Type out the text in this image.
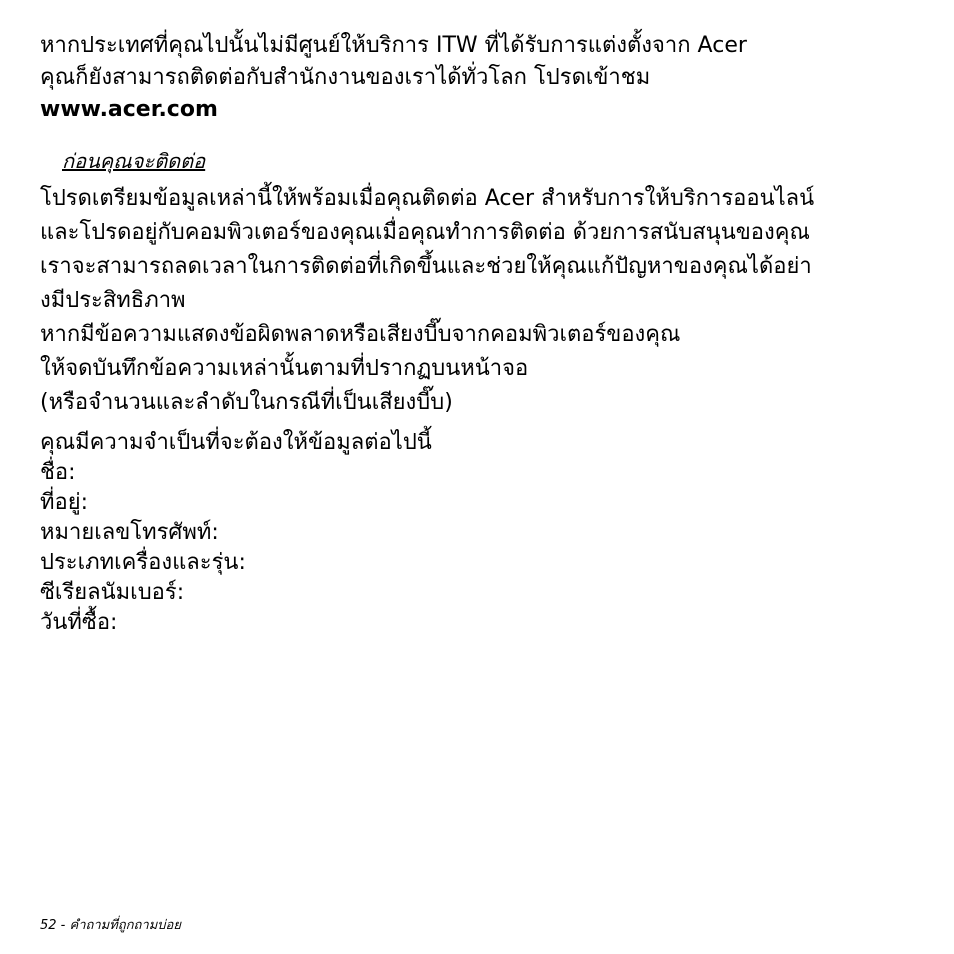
หากประเทศที่คุณไปนั้นไม่มีศูนย์ให้บริการ ITW ที่ได้รับการแต่งตั้งจาก Acer
คุณก็ยังสามารถติดต่อกับสำนักงานของเราได้ทั่วโลก โปรดเข้าชม
www.acer.com
ก่อนคุณจะติดต่อ
โปรดเตรียมข้อมูลเหล่านี้ให้พร้อมเมื่อคุณติดต่อ Acer สำหรับการให้บริการออนไลน์
และโปรดอยู่กับคอมพิวเตอร์ของคุณเมื่อคุณทำการติดต่อ ด้วยการสนับสนุนของคุณ
เราจะสามารถลดเวลาในการติดต่อที่เกิดขึ้นและช่วยให้คุณแก้ปัญหาของคุณได้อย่า
งมีประสิทธิภาพ
หากมีข้อความแสดงข้อผิดพลาดหรือเสียงบี๊บจากคอมพิวเตอร์ของคุณ
ให้จดบันทึกข้อความเหล่านั้นตามที่ปรากฏบนหน้าจอ
(หรือจำนวนและลำดับในกรณีที่เป็นเสียงบี๊บ)
คุณมีความจำเป็นที่จะต้องให้ข้อมูลต่อไปนี้
ชื่อ:
ที่อยู่:
หมายเลขโทรศัพท์:
ประเภทเครื่องและรุ่น:
ซีเรียลนัมเบอร์:
วันที่ซื้อ:
52 - คำถามที่ถูกถามบ่อย
